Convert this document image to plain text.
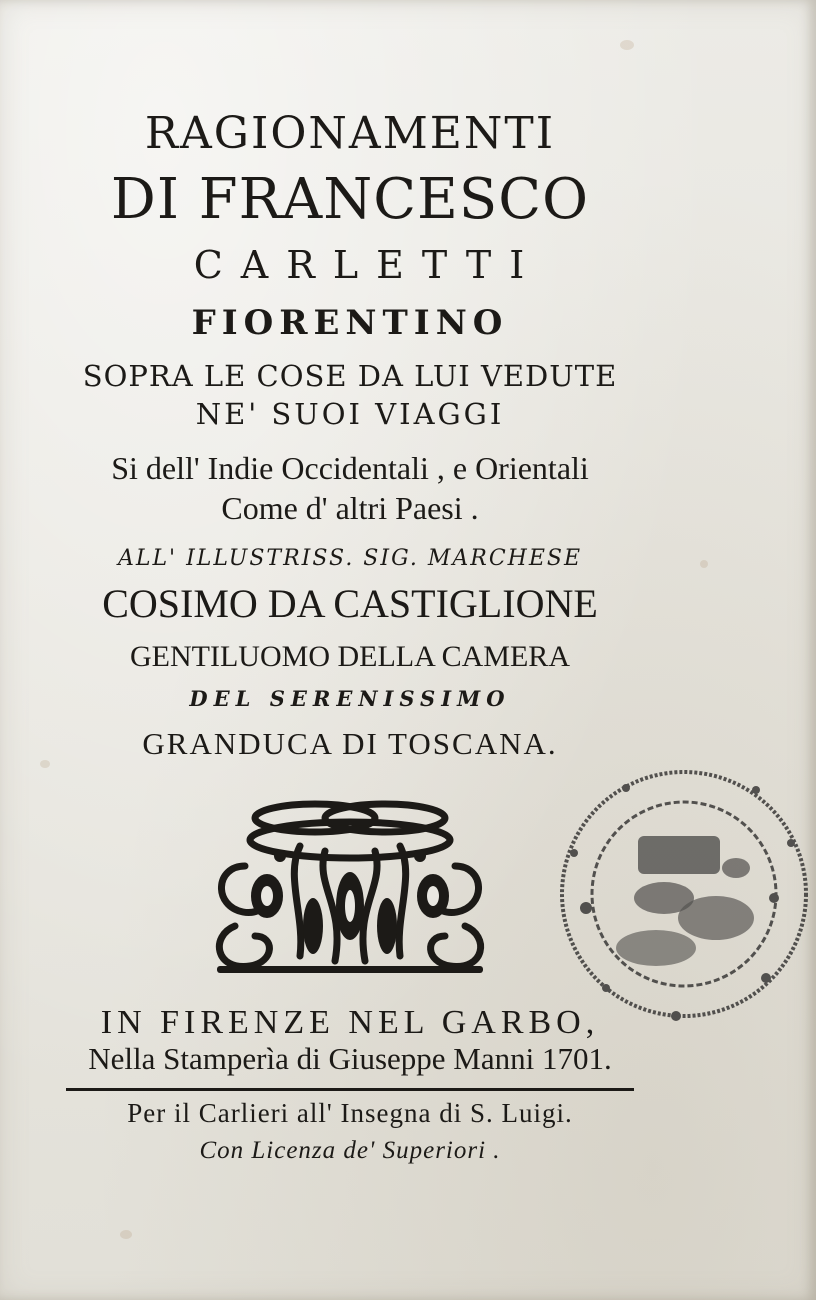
RAGIONAMENTI
DI FRANCESCO
CARLETTI
FIORENTINO
SOPRA LE COSE DA LUI VEDUTE
NE' SUOI VIAGGI
Si dell' Indie Occidentali , e Orientali
Come d' altri Paesi .
ALL' ILLUSTRISS. SIG. MARCHESE
COSIMO DA CASTIGLIONE
GENTILUOMO DELLA CAMERA
DEL SERENISSIMO
GRANDUCA DI TOSCANA.
IN FIRENZE NEL GARBO,
Nella Stamperìa di Giuseppe Manni 1701.
Per il Carlieri all' Insegna di S. Luigi.
Con Licenza de' Superiori .
